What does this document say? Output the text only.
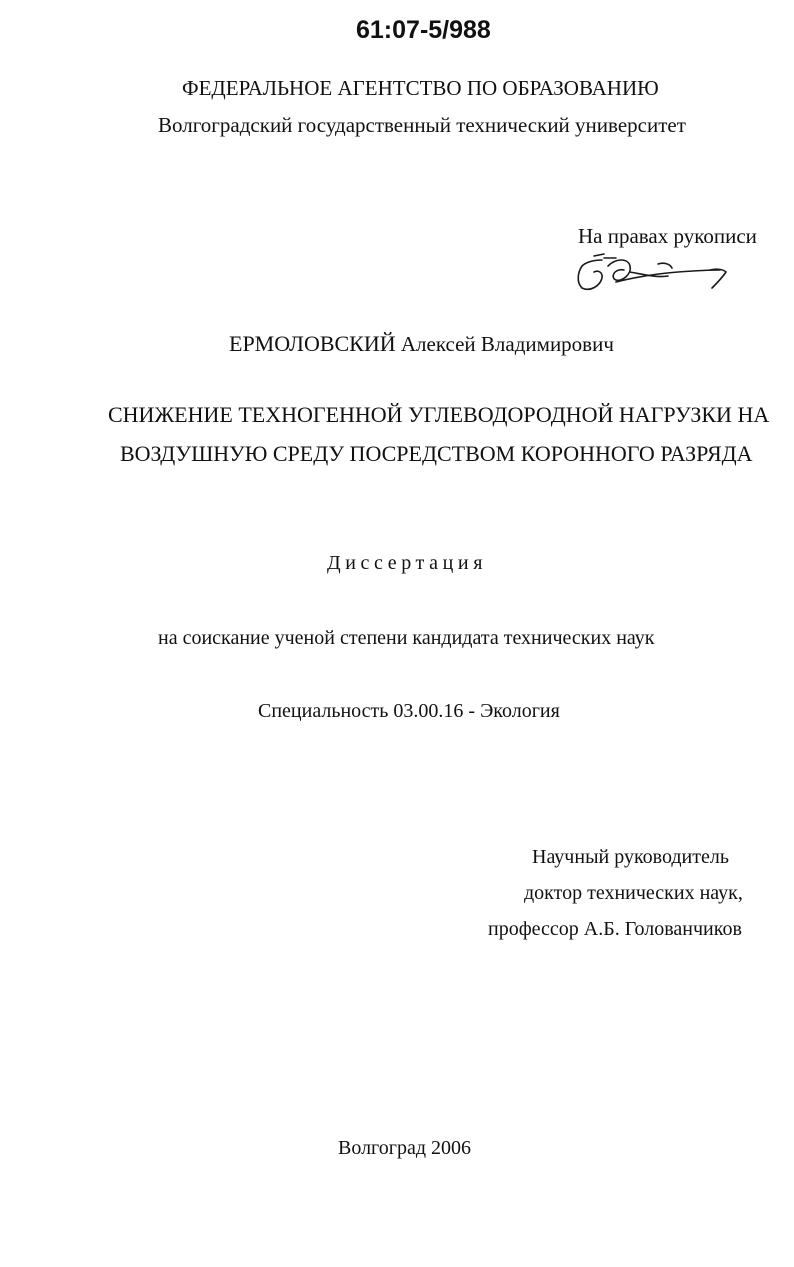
61:07-5/988
ФЕДЕРАЛЬНОЕ АГЕНТСТВО ПО ОБРАЗОВАНИЮ
Волгоградский государственный технический университет
На правах рукописи
ЕРМОЛОВСКИЙ Алексей Владимирович
СНИЖЕНИЕ ТЕХНОГЕННОЙ УГЛЕВОДОРОДНОЙ НАГРУЗКИ НА
ВОЗДУШНУЮ СРЕДУ ПОСРЕДСТВОМ КОРОННОГО РАЗРЯДА
Диссертация
на соискание ученой степени кандидата технических наук
Специальность 03.00.16 - Экология
Научный руководитель
доктор технических наук,
профессор А.Б. Голованчиков
Волгоград 2006
